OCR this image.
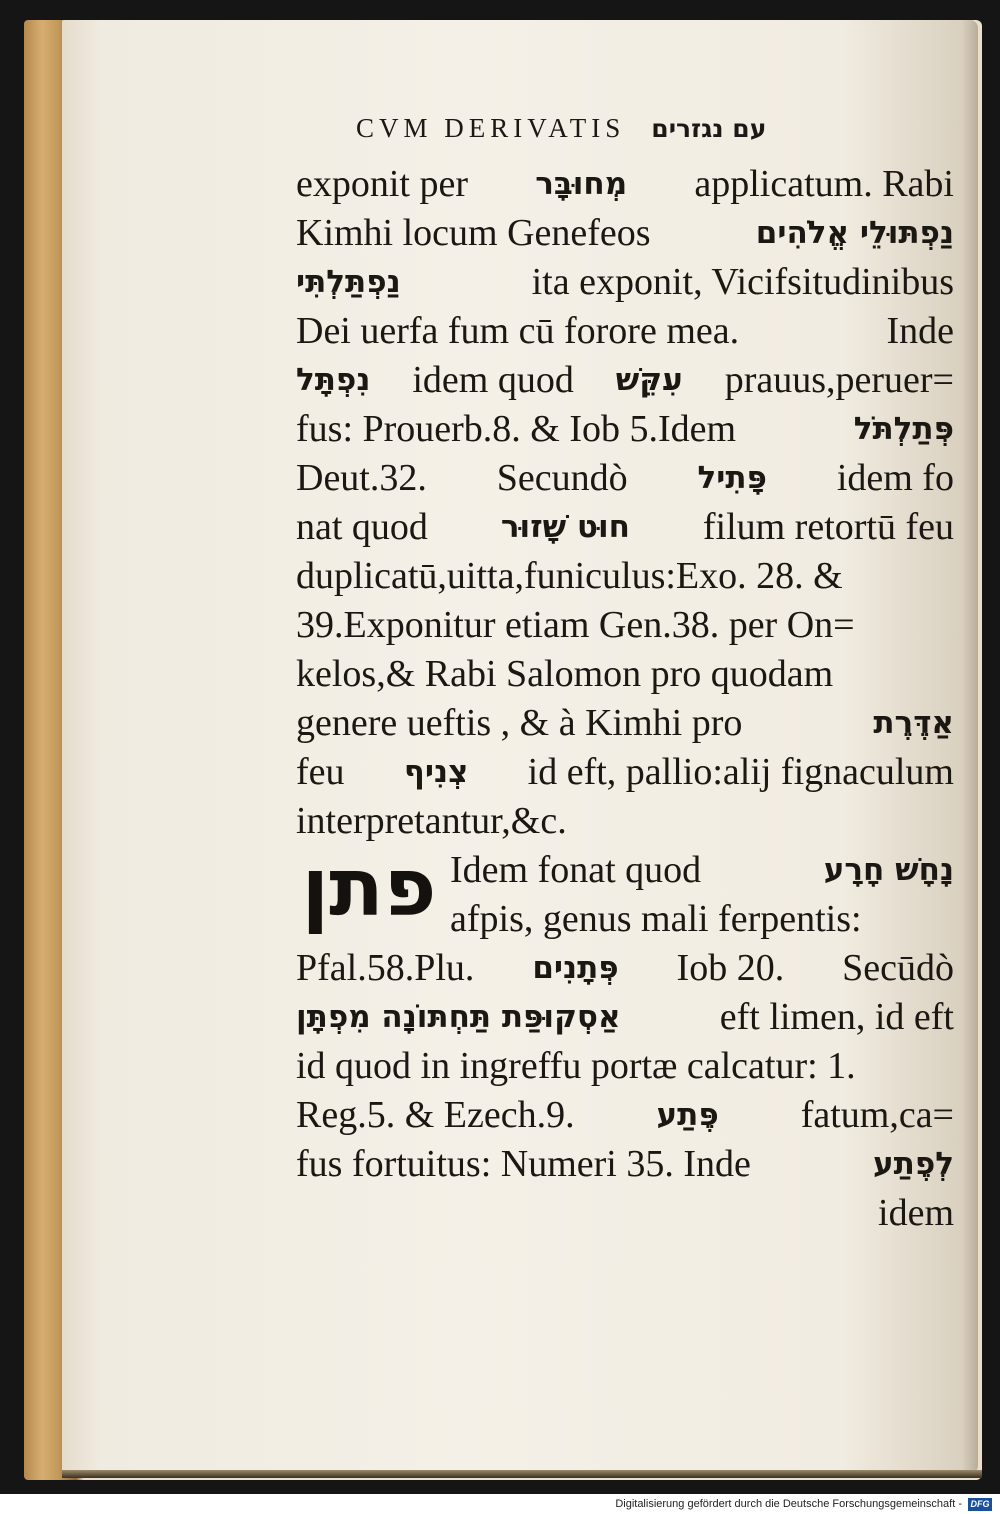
CVM DERIVATIS עם נגזרים
פתן
exponit per מְחוּבָּר applicatum. Rabi
Kimhi locum Genefeos	נַפְתּוּלֵי אֱלֹהִים
נַפְתַּלְתִּי	ita exponit, Vicifsitudinibus
Dei uerfa fum cū forore mea.	Inde
נִפְתָּל idem quod עִקֵּשׁ prauus,peruer=
fus: Prouerb.8. & Iob 5.Idem	פְּתַלְתֹּל
Deut.32. Secundò פָּתִיל idem fo
nat quod חוּט שָׁזוּר filum retortū feu
duplicatū,uitta,funiculus:Exo. 28. &
39.Exponitur etiam Gen.38. per On=
kelos,& Rabi Salomon pro quodam
genere ueftis , & à Kimhi pro	אַדֶּרֶת
feu צְנִיף id eft, pallio:alij fignaculum
interpretantur,&c.
Idem fonat quod	נָחָשׁ חָרָע
afpis, genus mali ferpentis:
Pfal.58.Plu. פְּתָנִים Iob 20. Secūdò
אַסְקוּפַּת תַּחְתּוֹנָה מִפְתָּן	eft limen, id eft
id quod in ingreffu portæ calcatur: 1.
Reg.5. & Ezech.9.	פֶּתַע fatum,ca=
fus fortuitus: Numeri 35. Inde	לְפֶתַע
idem
Digitalisierung gefördert durch die Deutsche Forschungsgemeinschaft - DFG
